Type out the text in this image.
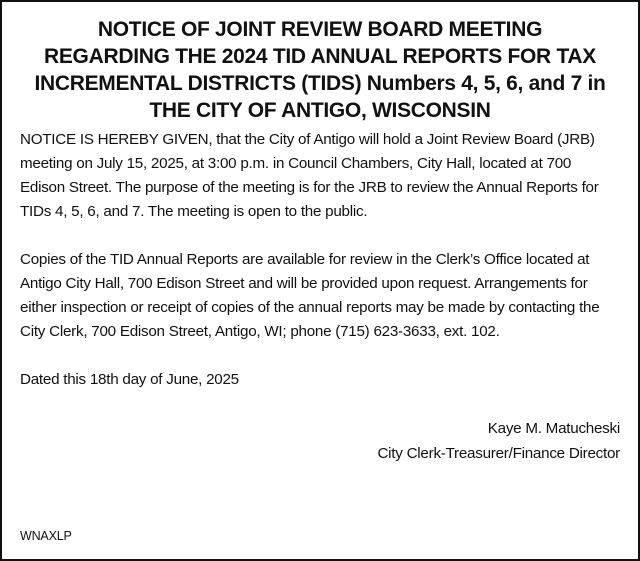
NOTICE OF JOINT REVIEW BOARD MEETING
REGARDING THE 2024 TID ANNUAL REPORTS FOR TAX
INCREMENTAL DISTRICTS (TIDS) Numbers 4, 5, 6, and 7 in
THE CITY OF ANTIGO, WISCONSIN

NOTICE IS HEREBY GIVEN, that the City of Antigo will hold a Joint Review Board (JRB) meeting on July 15, 2025, at 3:00 p.m. in Council Chambers, City Hall, located at 700 Edison Street. The purpose of the meeting is for the JRB to review the Annual Reports for TIDs 4, 5, 6, and 7. The meeting is open to the public.

Copies of the TID Annual Reports are available for review in the Clerk’s Office located at Antigo City Hall, 700 Edison Street and will be provided upon request. Arrangements for either inspection or receipt of copies of the annual reports may be made by contacting the City Clerk, 700 Edison Street, Antigo, WI; phone (715) 623-3633, ext. 102.

Dated this 18th day of June, 2025

Kaye M. Matucheski
City Clerk-Treasurer/Finance Director
WNAXLP
